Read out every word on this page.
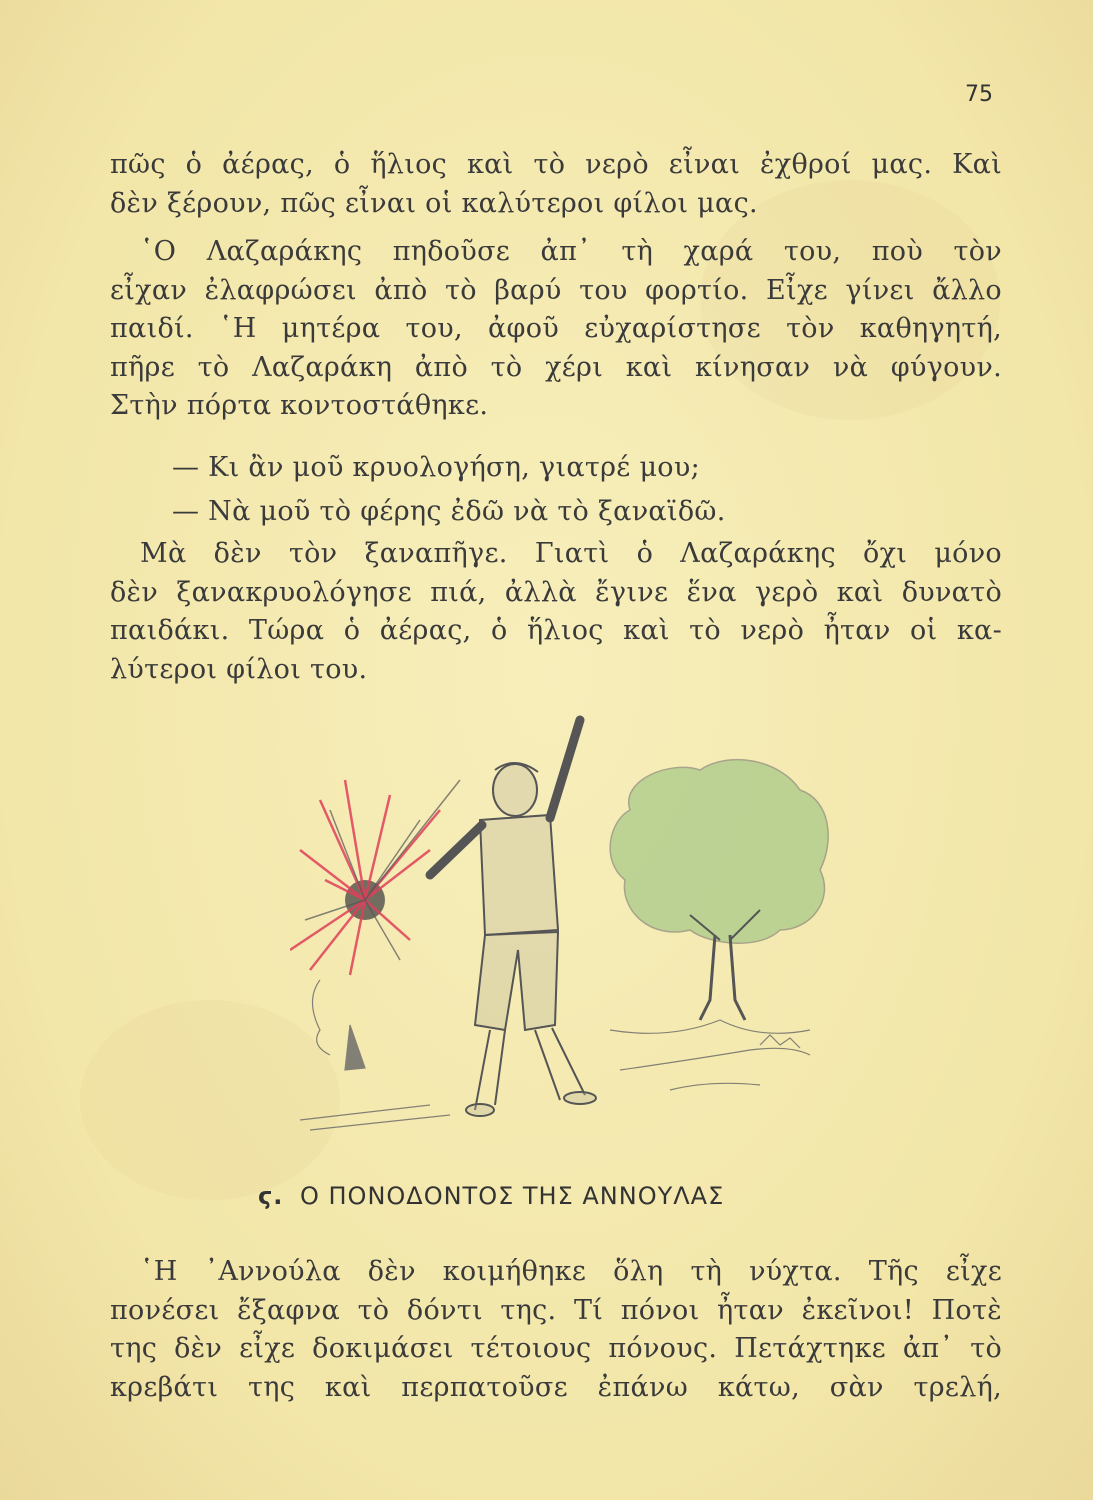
75
πῶς ὁ ἀέρας, ὁ ἥλιος καὶ τὸ νερὸ εἶναι ἐχθροί μας. Καὶ
δὲν ξέρουν, πῶς εἶναι οἱ καλύτεροι φίλοι μας.
῾Ο Λαζαράκης πηδοῦσε ἀπ᾽ τὴ χαρά του, ποὺ τὸν
εἶχαν ἐλαφρώσει ἀπὸ τὸ βαρύ του φορτίο. Εἶχε γίνει ἄλλο
παιδί. ῾Η μητέρα του, ἀφοῦ εὐχαρίστησε τὸν καθηγητή,
πῆρε τὸ Λαζαράκη ἀπὸ τὸ χέρι καὶ κίνησαν νὰ φύγουν.
Στὴν πόρτα κοντοστάθηκε.
— Κι ἂν μοῦ κρυολογήση, γιατρέ μου;
— Νὰ μοῦ τὸ φέρης ἐδῶ νὰ τὸ ξαναϊδῶ.
Μὰ δὲν τὸν ξαναπῆγε. Γιατὶ ὁ Λαζαράκης ὄχι μόνο
δὲν ξανακρυολόγησε πιά, ἀλλὰ ἔγινε ἕνα γερὸ καὶ δυνατὸ
παιδάκι. Τώρα ὁ ἀέρας, ὁ ἥλιος καὶ τὸ νερὸ ἦταν οἱ κα-
λύτεροι φίλοι του.
ϛ. Ο ΠΟΝΟΔΟΝΤΟΣ ΤΗΣ ΑΝΝΟΥΛΑΣ
῾Η ᾿Αννούλα δὲν κοιμήθηκε ὅλη τὴ νύχτα. Τῆς εἶχε
πονέσει ἔξαφνα τὸ δόντι της. Τί πόνοι ἦταν ἐκεῖνοι! Ποτὲ
της δὲν εἶχε δοκιμάσει τέτοιους πόνους. Πετάχτηκε ἀπ᾽ τὸ
κρεβάτι της καὶ περπατοῦσε ἐπάνω κάτω, σὰν τρελή,
